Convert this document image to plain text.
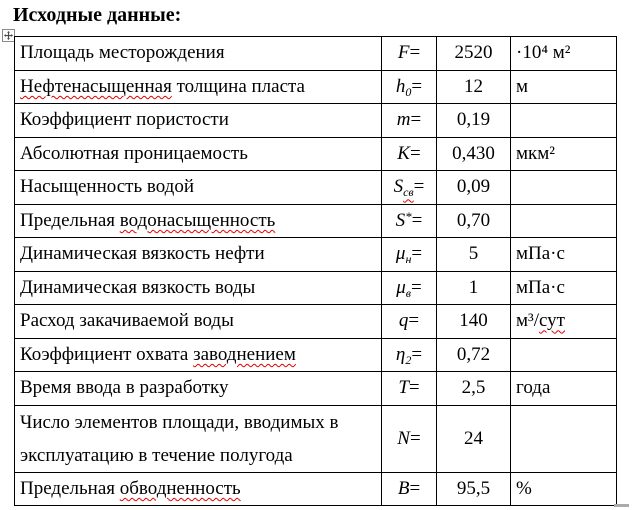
Исходные данные:
Площадь месторождения	F=	2520	·10⁴ м²
Нефтенасыщенная толщина пласта	$h_0=$	12	м
Коэффициент пористости	m=	0,19	
Абсолютная проницаемость	K=	0,430	мкм²
Насыщенность водой	$S_{св}=$	0,09	
Предельная водонасыщенность	S*=	0,70	
Динамическая вязкость нефти	$\mu_н=$	5	мПа·с
Динамическая вязкость воды	$\mu_в=$	1	мПа·с
Расход закачиваемой воды	q=	140	м³/сут
Коэффициент охвата заводнением	$\eta_2=$	0,72	
Время ввода в разработку	T=	2,5	года

Число элементов площади, вводимых в
эксплуатацию в течение полугода	N=	24	
Предельная обводненность	B=	95,5	%
